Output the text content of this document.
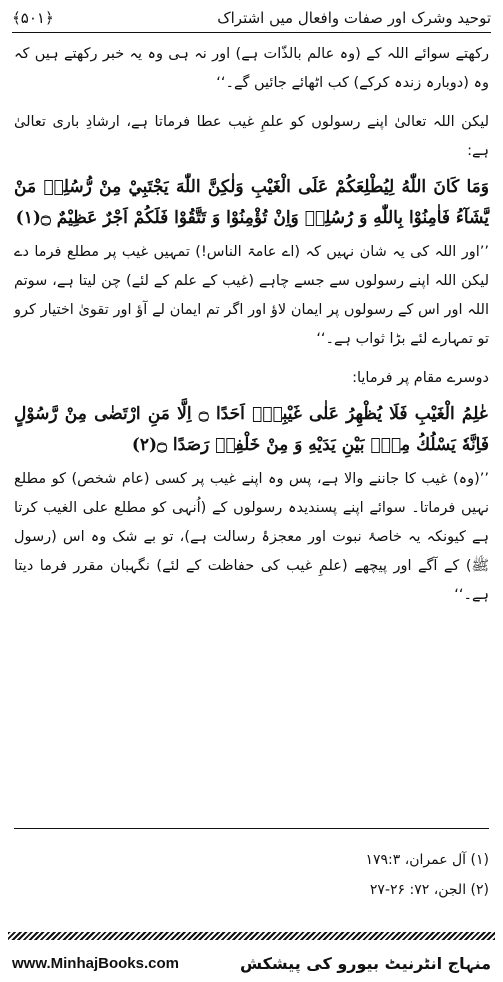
﴿۵۰۱﴾	توحید وشرک اور صفات وافعال میں اشتراک

رکھتے سوائے اللہ کے (وہ عالم بالذّات ہے) اور نہ ہی وہ یہ خبر رکھتے ہیں کہ وہ (دوبارہ زندہ کرکے) کب اٹھائے جائیں گے۔‘‘

لیکن اللہ تعالیٰ اپنے رسولوں کو علمِ غیب عطا فرماتا ہے، ارشادِ باری تعالیٰ ہے:

وَمَا كَانَ اللّٰهُ لِيُطْلِعَكُمْ عَلَى الْغَيْبِ وَلٰكِنَّ اللّٰهَ يَجْتَبِيْ مِنْ رُّسُلِهٖ مَنْ يَّشَآءُ فَاٰمِنُوْا بِاللّٰهِ وَ رُسُلِهٖ وَاِنْ تُؤْمِنُوْا وَ تَتَّقُوْا فَلَكُمْ اَجْرٌ عَظِيْمٌ ۝(۱)

’’اور اللہ کی یہ شان نہیں کہ (اے عامۃ الناس!) تمہیں غیب پر مطلع فرما دے لیکن اللہ اپنے رسولوں سے جسے چاہے (غیب کے علم کے لئے) چن لیتا ہے، سوتم اللہ اور اس کے رسولوں پر ایمان لاؤ اور اگر تم ایمان لے آؤ اور تقویٰ اختیار کرو تو تمہارے لئے بڑا ثواب ہے۔‘‘

دوسرے مقام پر فرمایا:

عٰلِمُ الْغَيْبِ فَلَا يُظْهِرُ عَلٰى غَيْبِهٖۤ اَحَدًا ۝ اِلَّا مَنِ ارْتَضٰى مِنْ رَّسُوْلٍ فَاِنَّهٗ يَسْلُكُ مِنْۢ بَيْنِ يَدَيْهِ وَ مِنْ خَلْفِهٖ رَصَدًا ۝(۲)

’’(وہ) غیب کا جاننے والا ہے، پس وہ اپنے غیب پر کسی (عام شخص) کو مطلع نہیں فرماتا۔ سوائے اپنے پسندیدہ رسولوں کے (اُنہی کو مطلع علی الغیب کرتا ہے کیونکہ یہ خاصۂ نبوت اور معجزۂ رسالت ہے)، تو بے شک وہ اس (رسول ﷺ) کے آگے اور پیچھے (علمِ غیب کی حفاظت کے لئے) نگہبان مقرر فرما دیتا ہے۔‘‘

(۱) آل عمران، ۱۷۹:۳

(۲) الجن، ۷۲: ۲۶-۲۷

www.MinhajBooks.com	منہاج انٹرنیٹ بیورو کی پیشکش
